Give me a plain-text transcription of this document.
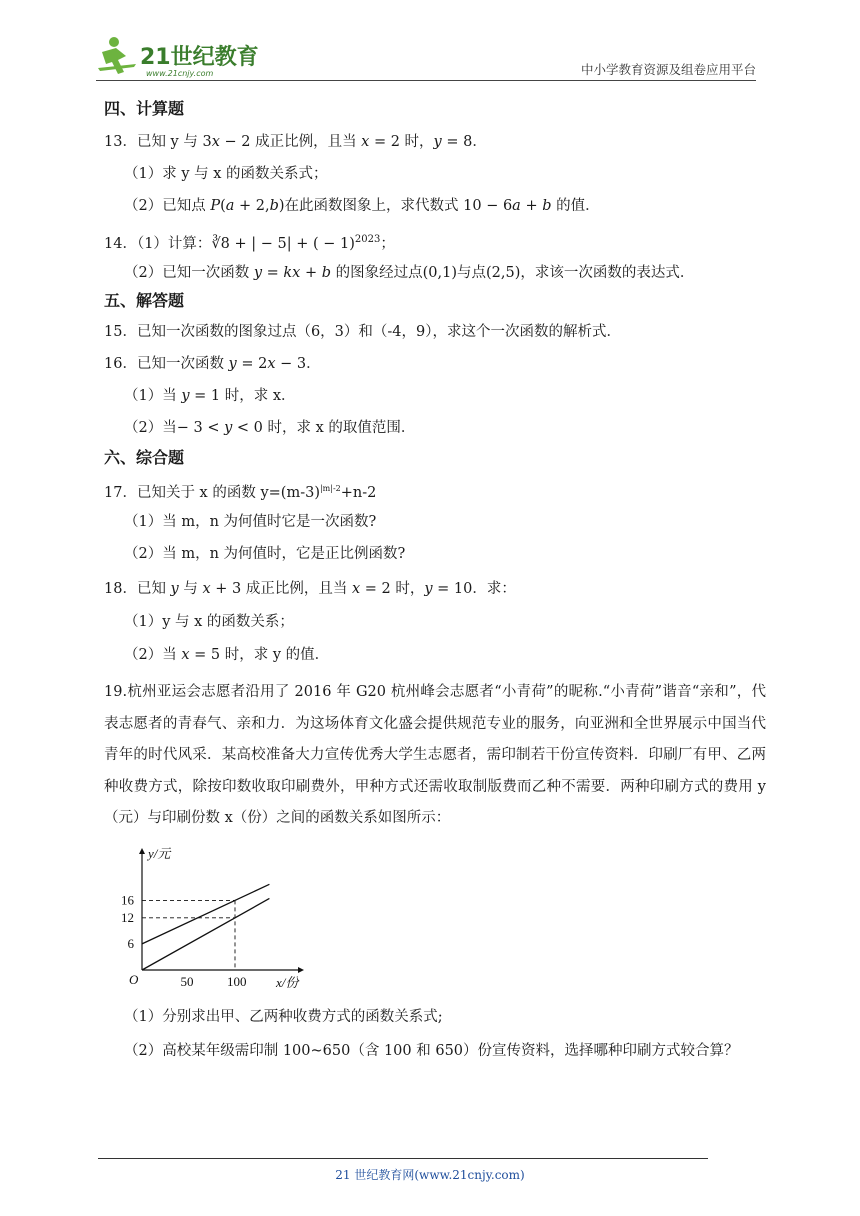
21世纪教育
www.21cnjy.com	中小学教育资源及组卷应用平台
四、计算题
13．已知 y 与 3𝑥 − 2 成正比例，且当 𝑥 = 2 时，𝑦 = 8．
（1）求 y 与 x 的函数关系式；
（2）已知点 𝑃(𝑎 + 2,𝑏)在此函数图象上，求代数式 10 − 6𝑎 + 𝑏 的值．
14．（1）计算：∛8 + | − 5| + ( − 1)$^{2023}$；
（2）已知一次函数 𝑦 = 𝑘𝑥 + 𝑏 的图象经过点(0,1)与点(2,5)，求该一次函数的表达式．
五、解答题
15．已知一次函数的图象过点（6，3）和（-4，9），求这个一次函数的解析式．
16．已知一次函数 𝑦 = 2𝑥 − 3．
（1）当 𝑦 = 1 时，求 x．
（2）当− 3 < 𝑦 < 0 时，求 x 的取值范围．
六、综合题
17．已知关于 x 的函数 $y=(m-3)^{|m|-2}+n-2$
（1）当 m，n 为何值时它是一次函数?
（2）当 m，n 为何值时，它是正比例函数?
18．已知 𝑦 与 𝑥 + 3 成正比例，且当 𝑥 = 2 时，𝑦 = 10．求：
（1）y 与 x 的函数关系；
（2）当 𝑥 = 5 时，求 y 的值．

19.杭州亚运会志愿者沿用了 2016 年 G20 杭州峰会志愿者“小青荷”的昵称.“小青荷”谐音“亲和”，代表志愿者的青春气、亲和力．为这场体育文化盛会提供规范专业的服务，向亚洲和全世界展示中国当代青年的时代风采．某高校准备大力宣传优秀大学生志愿者，需印制若干份宣传资料．印刷厂有甲、乙两种收费方式，除按印数收取印刷费外，甲种方式还需收取制版费而乙种不需要．两种印刷方式的费用 y（元）与印刷份数 x（份）之间的函数关系如图所示：

x/份
y/元
O	50	100
6
12
16
（1）分别求出甲、乙两种收费方式的函数关系式;
（2）高校某年级需印制 100~650（含 100 和 650）份宣传资料，选择哪种印刷方式较合算？
21 世纪教育网(www.21cnjy.com)
